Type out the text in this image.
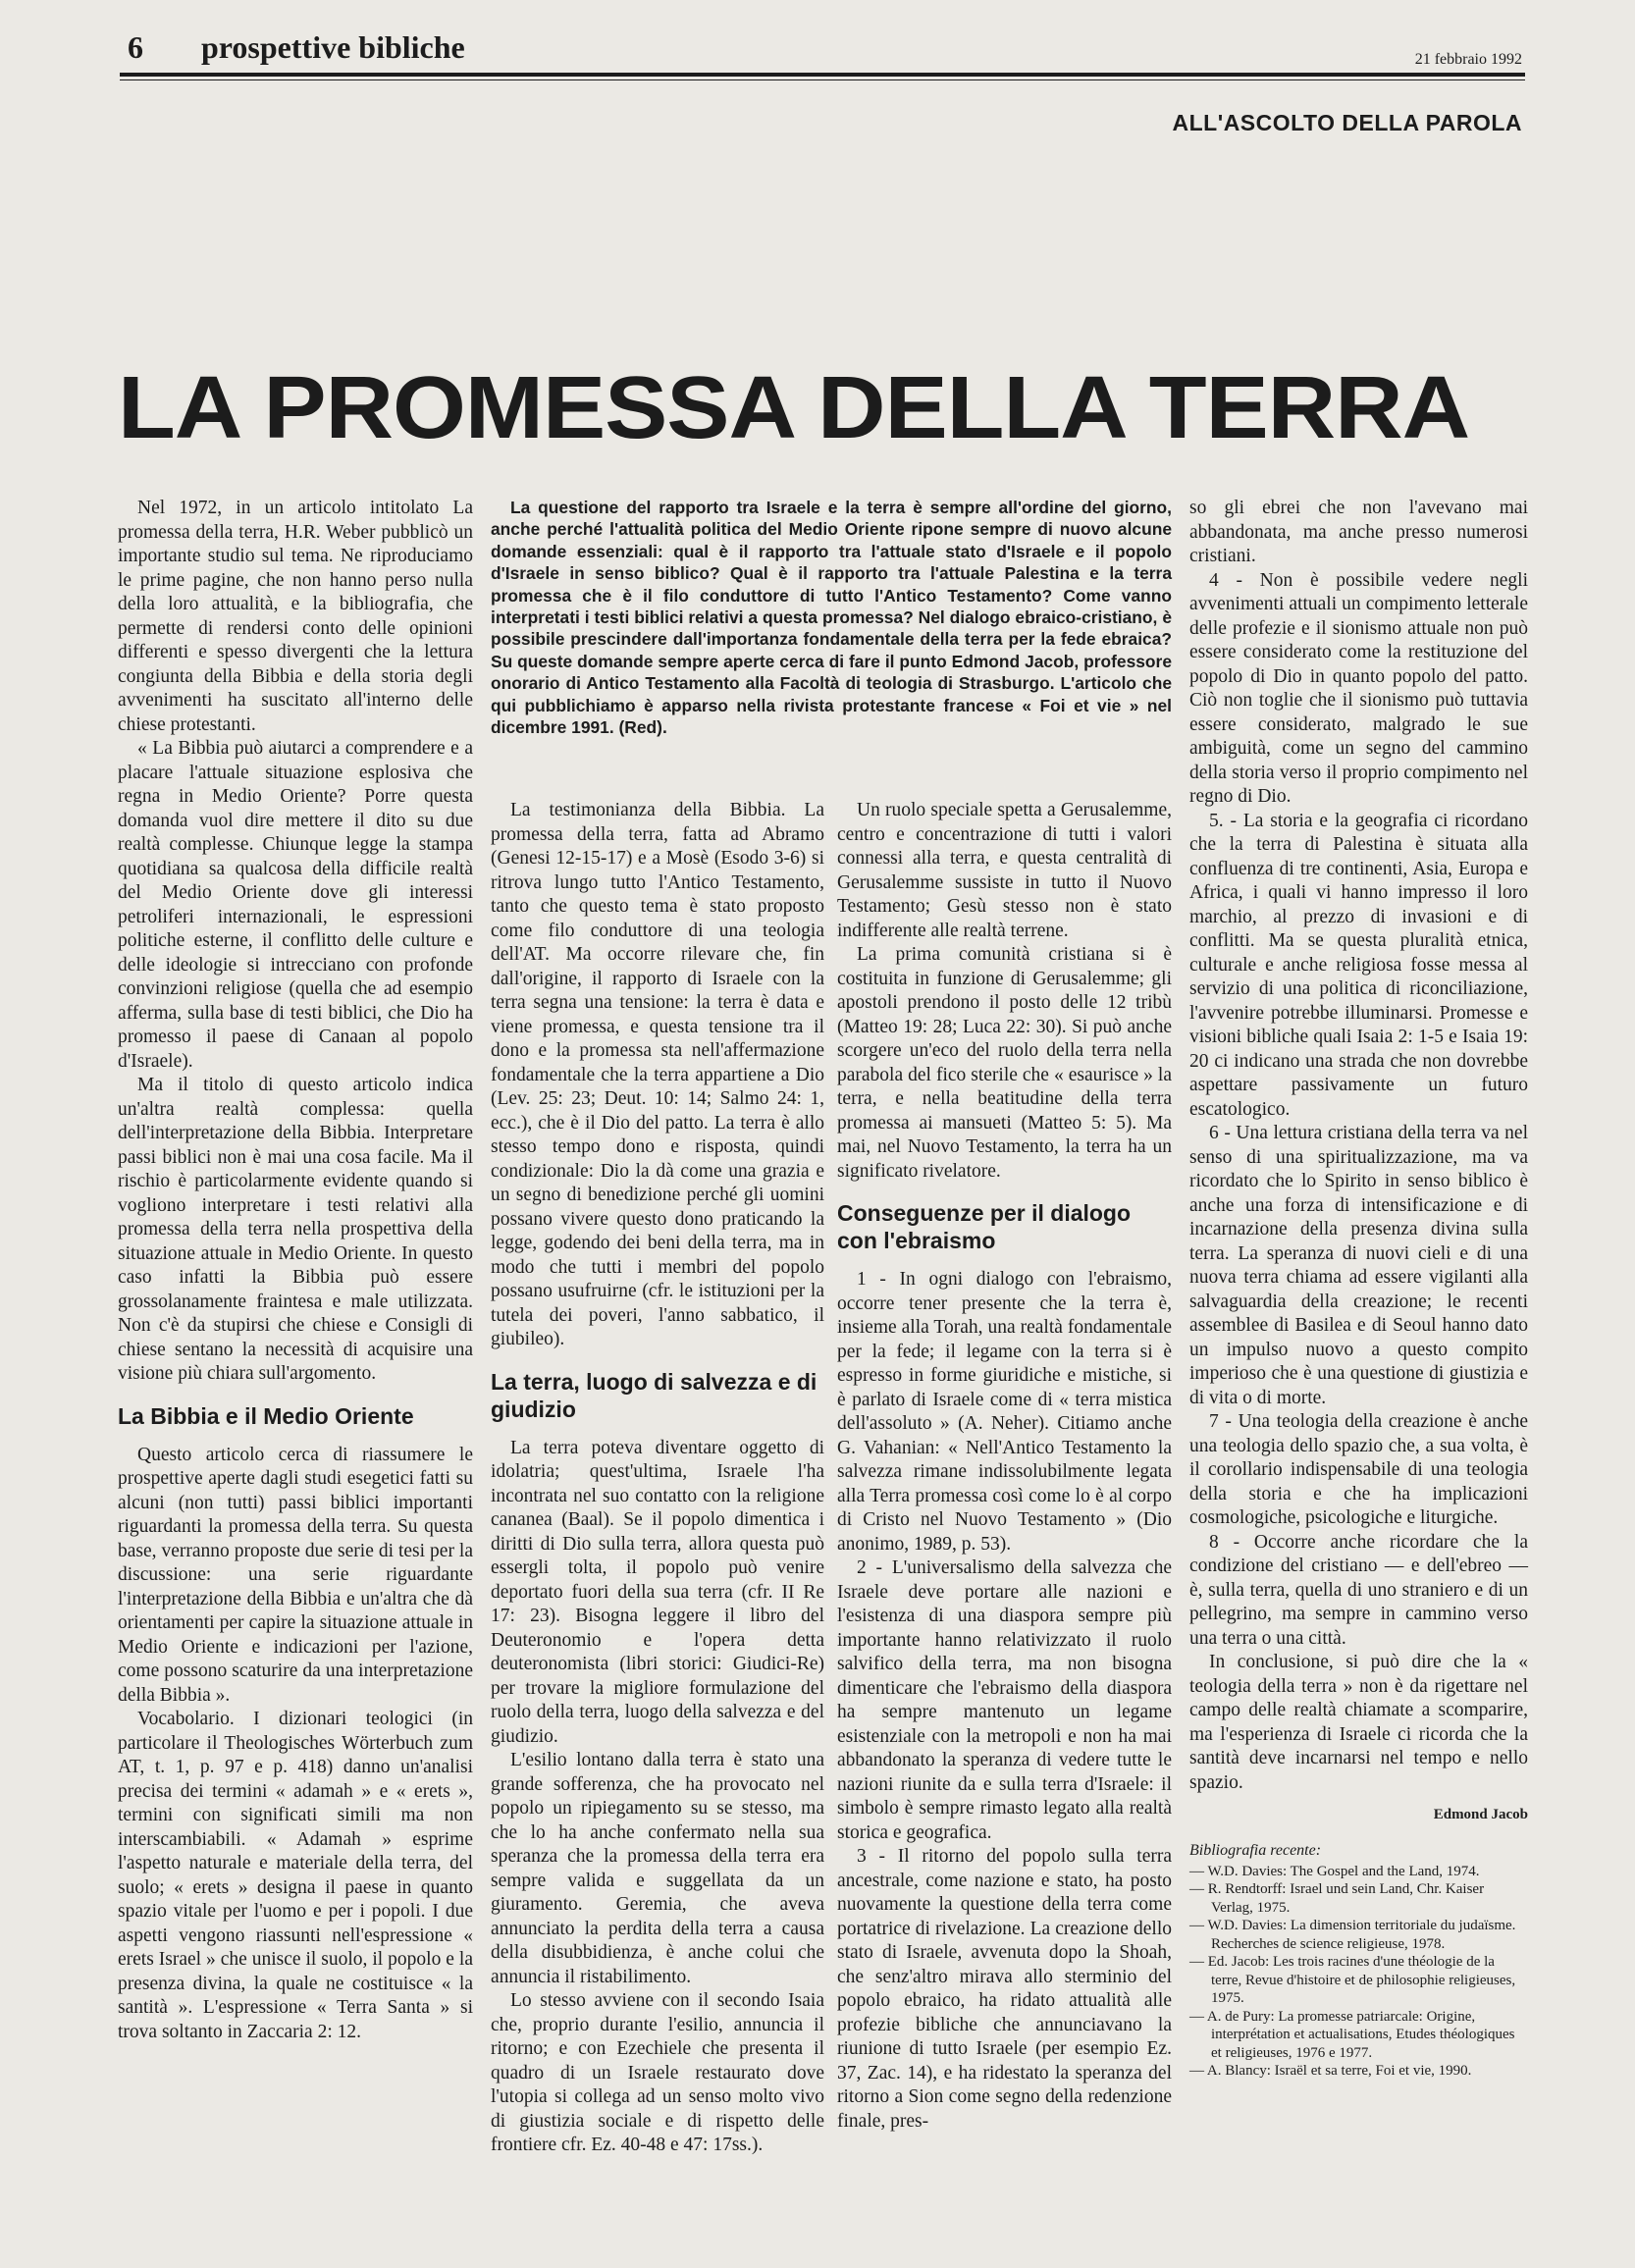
6 prospettive bibliche	21 febbraio 1992
ALL'ASCOLTO DELLA PAROLA
LA PROMESSA DELLA TERRA

Nel 1972, in un articolo intitolato La promessa della terra, H.R. Weber pubblicò un importante studio sul tema. Ne riproduciamo le prime pagine, che non hanno perso nulla della loro attualità, e la bibliografia, che permette di rendersi conto delle opinioni differenti e spesso divergenti che la lettura congiunta della Bibbia e della storia degli avvenimenti ha suscitato all'interno delle chiese protestanti.

« La Bibbia può aiutarci a comprendere e a placare l'attuale situazione esplosiva che regna in Medio Oriente? Porre questa domanda vuol dire mettere il dito su due realtà complesse. Chiunque legge la stampa quotidiana sa qualcosa della difficile realtà del Medio Oriente dove gli interessi petroliferi internazionali, le espressioni politiche esterne, il conflitto delle culture e delle ideologie si intrecciano con profonde convinzioni religiose (quella che ad esempio afferma, sulla base di testi biblici, che Dio ha promesso il paese di Canaan al popolo d'Israele).

Ma il titolo di questo articolo indica un'altra realtà complessa: quella dell'interpretazione della Bibbia. Interpretare passi biblici non è mai una cosa facile. Ma il rischio è particolarmente evidente quando si vogliono interpretare i testi relativi alla promessa della terra nella prospettiva della situazione attuale in Medio Oriente. In questo caso infatti la Bibbia può essere grossolanamente fraintesa e male utilizzata. Non c'è da stupirsi che chiese e Consigli di chiese sentano la necessità di acquisire una visione più chiara sull'argomento.

La Bibbia e il Medio Oriente

Questo articolo cerca di riassumere le prospettive aperte dagli studi esegetici fatti su alcuni (non tutti) passi biblici importanti riguardanti la promessa della terra. Su questa base, verranno proposte due serie di tesi per la discussione: una serie riguardante l'interpretazione della Bibbia e un'altra che dà orientamenti per capire la situazione attuale in Medio Oriente e indicazioni per l'azione, come possono scaturire da una interpretazione della Bibbia ».

Vocabolario. I dizionari teologici (in particolare il Theologisches Wörterbuch zum AT, t. 1, p. 97 e p. 418) danno un'analisi precisa dei termini « adamah » e « erets », termini con significati simili ma non interscambiabili. « Adamah » esprime l'aspetto naturale e materiale della terra, del suolo; « erets » designa il paese in quanto spazio vitale per l'uomo e per i popoli. I due aspetti vengono riassunti nell'espressione « erets Israel » che unisce il suolo, il popolo e la presenza divina, la quale ne costituisce « la santità ». L'espressione « Terra Santa » si trova soltanto in Zaccaria 2: 12.

La questione del rapporto tra Israele e la terra è sempre all'ordine del giorno, anche perché l'attualità politica del Medio Oriente ripone sempre di nuovo alcune domande essenziali: qual è il rapporto tra l'attuale stato d'Israele e il popolo d'Israele in senso biblico? Qual è il rapporto tra l'attuale Palestina e la terra promessa che è il filo conduttore di tutto l'Antico Testamento? Come vanno interpretati i testi biblici relativi a questa promessa? Nel dialogo ebraico-cristiano, è possibile prescindere dall'importanza fondamentale della terra per la fede ebraica? Su queste domande sempre aperte cerca di fare il punto Edmond Jacob, professore onorario di Antico Testamento alla Facoltà di teologia di Strasburgo. L'articolo che qui pubblichiamo è apparso nella rivista protestante francese « Foi et vie » nel dicembre 1991. (Red).

La testimonianza della Bibbia. La promessa della terra, fatta ad Abramo (Genesi 12-15-17) e a Mosè (Esodo 3-6) si ritrova lungo tutto l'Antico Testamento, tanto che questo tema è stato proposto come filo conduttore di una teologia dell'AT. Ma occorre rilevare che, fin dall'origine, il rapporto di Israele con la terra segna una tensione: la terra è data e viene promessa, e questa tensione tra il dono e la promessa sta nell'affermazione fondamentale che la terra appartiene a Dio (Lev. 25: 23; Deut. 10: 14; Salmo 24: 1, ecc.), che è il Dio del patto. La terra è allo stesso tempo dono e risposta, quindi condizionale: Dio la dà come una grazia e un segno di benedizione perché gli uomini possano vivere questo dono praticando la legge, godendo dei beni della terra, ma in modo che tutti i membri del popolo possano usufruirne (cfr. le istituzioni per la tutela dei poveri, l'anno sabbatico, il giubileo).

La terra, luogo di salvezza e di giudizio

La terra poteva diventare oggetto di idolatria; quest'ultima, Israele l'ha incontrata nel suo contatto con la religione cananea (Baal). Se il popolo dimentica i diritti di Dio sulla terra, allora questa può essergli tolta, il popolo può venire deportato fuori della sua terra (cfr. II Re 17: 23). Bisogna leggere il libro del Deuteronomio e l'opera detta deuteronomista (libri storici: Giudici-Re) per trovare la migliore formulazione del ruolo della terra, luogo della salvezza e del giudizio.

L'esilio lontano dalla terra è stato una grande sofferenza, che ha provocato nel popolo un ripiegamento su se stesso, ma che lo ha anche confermato nella sua speranza che la promessa della terra era sempre valida e suggellata da un giuramento. Geremia, che aveva annunciato la perdita della terra a causa della disubbidienza, è anche colui che annuncia il ristabilimento.

Lo stesso avviene con il secondo Isaia che, proprio durante l'esilio, annuncia il ritorno; e con Ezechiele che presenta il quadro di un Israele restaurato dove l'utopia si collega ad un senso molto vivo di giustizia sociale e di rispetto delle frontiere cfr. Ez. 40-48 e 47: 17ss.).

Un ruolo speciale spetta a Gerusalemme, centro e concentrazione di tutti i valori connessi alla terra, e questa centralità di Gerusalemme sussiste in tutto il Nuovo Testamento; Gesù stesso non è stato indifferente alle realtà terrene.

La prima comunità cristiana si è costituita in funzione di Gerusalemme; gli apostoli prendono il posto delle 12 tribù (Matteo 19: 28; Luca 22: 30). Si può anche scorgere un'eco del ruolo della terra nella parabola del fico sterile che « esaurisce » la terra, e nella beatitudine della terra promessa ai mansueti (Matteo 5: 5). Ma mai, nel Nuovo Testamento, la terra ha un significato rivelatore.

Conseguenze per il dialogo con l'ebraismo

1 - In ogni dialogo con l'ebraismo, occorre tener presente che la terra è, insieme alla Torah, una realtà fondamentale per la fede; il legame con la terra si è espresso in forme giuridiche e mistiche, si è parlato di Israele come di « terra mistica dell'assoluto » (A. Neher). Citiamo anche G. Vahanian: « Nell'Antico Testamento la salvezza rimane indissolubilmente legata alla Terra promessa così come lo è al corpo di Cristo nel Nuovo Testamento » (Dio anonimo, 1989, p. 53).

2 - L'universalismo della salvezza che Israele deve portare alle nazioni e l'esistenza di una diaspora sempre più importante hanno relativizzato il ruolo salvifico della terra, ma non bisogna dimenticare che l'ebraismo della diaspora ha sempre mantenuto un legame esistenziale con la metropoli e non ha mai abbandonato la speranza di vedere tutte le nazioni riunite da e sulla terra d'Israele: il simbolo è sempre rimasto legato alla realtà storica e geografica.

3 - Il ritorno del popolo sulla terra ancestrale, come nazione e stato, ha posto nuovamente la questione della terra come portatrice di rivelazione. La creazione dello stato di Israele, avvenuta dopo la Shoah, che senz'altro mirava allo sterminio del popolo ebraico, ha ridato attualità alle profezie bibliche che annunciavano la riunione di tutto Israele (per esempio Ez. 37, Zac. 14), e ha ridestato la speranza del ritorno a Sion come segno della redenzione finale, pres-

so gli ebrei che non l'avevano mai abbandonata, ma anche presso numerosi cristiani.

4 - Non è possibile vedere negli avvenimenti attuali un compimento letterale delle profezie e il sionismo attuale non può essere considerato come la restituzione del popolo di Dio in quanto popolo del patto. Ciò non toglie che il sionismo può tuttavia essere considerato, malgrado le sue ambiguità, come un segno del cammino della storia verso il proprio compimento nel regno di Dio.

5. - La storia e la geografia ci ricordano che la terra di Palestina è situata alla confluenza di tre continenti, Asia, Europa e Africa, i quali vi hanno impresso il loro marchio, al prezzo di invasioni e di conflitti. Ma se questa pluralità etnica, culturale e anche religiosa fosse messa al servizio di una politica di riconciliazione, l'avvenire potrebbe illuminarsi. Promesse e visioni bibliche quali Isaia 2: 1-5 e Isaia 19: 20 ci indicano una strada che non dovrebbe aspettare passivamente un futuro escatologico.

6 - Una lettura cristiana della terra va nel senso di una spiritualizzazione, ma va ricordato che lo Spirito in senso biblico è anche una forza di intensificazione e di incarnazione della presenza divina sulla terra. La speranza di nuovi cieli e di una nuova terra chiama ad essere vigilanti alla salvaguardia della creazione; le recenti assemblee di Basilea e di Seoul hanno dato un impulso nuovo a questo compito imperioso che è una questione di giustizia e di vita o di morte.

7 - Una teologia della creazione è anche una teologia dello spazio che, a sua volta, è il corollario indispensabile di una teologia della storia e che ha implicazioni cosmologiche, psicologiche e liturgiche.

8 - Occorre anche ricordare che la condizione del cristiano — e dell'ebreo — è, sulla terra, quella di uno straniero e di un pellegrino, ma sempre in cammino verso una terra o una città.

In conclusione, si può dire che la « teologia della terra » non è da rigettare nel campo delle realtà chiamate a scomparire, ma l'esperienza di Israele ci ricorda che la santità deve incarnarsi nel tempo e nello spazio.

Edmond Jacob
Bibliografia recente:
— W.D. Davies: The Gospel and the Land, 1974.
— R. Rendtorff: Israel und sein Land, Chr. Kaiser Verlag, 1975.
— W.D. Davies: La dimension territoriale du judaïsme. Recherches de science religieuse, 1978.
— Ed. Jacob: Les trois racines d'une théologie de la terre, Revue d'histoire et de philosophie religieuses, 1975.
— A. de Pury: La promesse patriarcale: Origine, interprétation et actualisations, Etudes théologiques et religieuses, 1976 e 1977.
— A. Blancy: Israël et sa terre, Foi et vie, 1990.
